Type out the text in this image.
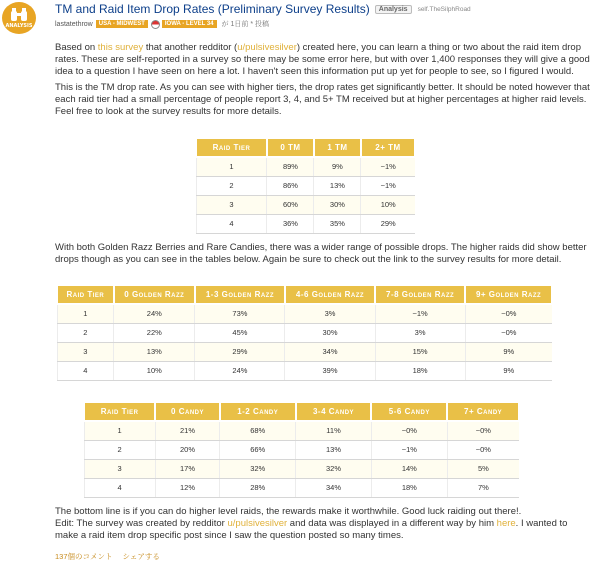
ANALYSIS
TM and Raid Item Drop Rates (Preliminary Survey Results)	Analysis	self.TheSilphRoad
lastatethrow	USA - MIDWEST	IOWA - LEVEL 34	が 1日前 * 投稿

Based on this survey that another redditor (u/pulsivesilver) created here, you can learn a thing or two about the raid item drop rates. These are self-reported in a survey so there may be some error here, but with over 1,400 responses they will give a good idea to a question I have seen on here a lot. I haven't seen this information put up yet for people to see, so I figured I would.

This is the TM drop rate. As you can see with higher tiers, the drop rates get significantly better. It should be noted however that each raid tier had a small percentage of people report 3, 4, and 5+ TM received but at higher percentages at higher raid levels. Feel free to look at the survey results for more details.

Raid Tier	0 TM	1 TM	2+ TM
1	89%	9%	~1%
2	86%	13%	~1%
3	60%	30%	10%
4	36%	35%	29%

With both Golden Razz Berries and Rare Candies, there was a wider range of possible drops. The higher raids did show better drops though as you can see in the tables below. Again be sure to check out the link to the survey results for more detail.

Raid Tier	0 Golden Razz	1-3 Golden Razz	4-6 Golden Razz	7-8 Golden Razz	9+ Golden Razz
1	24%	73%	3%	~1%	~0%
2	22%	45%	30%	3%	~0%
3	13%	29%	34%	15%	9%
4	10%	24%	39%	18%	9%
Raid Tier	0 Candy	1-2 Candy	3-4 Candy	5-6 Candy	7+ Candy
1	21%	68%	11%	~0%	~0%
2	20%	66%	13%	~1%	~0%
3	17%	32%	32%	14%	5%
4	12%	28%	34%	18%	7%

The bottom line is if you can do higher level raids, the rewards make it worthwhile. Good luck raiding out there!.

Edit: The survey was created by redditor u/pulsivesilver and data was displayed in a different way by him here. I wanted to make a raid item drop specific post since I saw the question posted so many times.

137個のコメント シェアする
